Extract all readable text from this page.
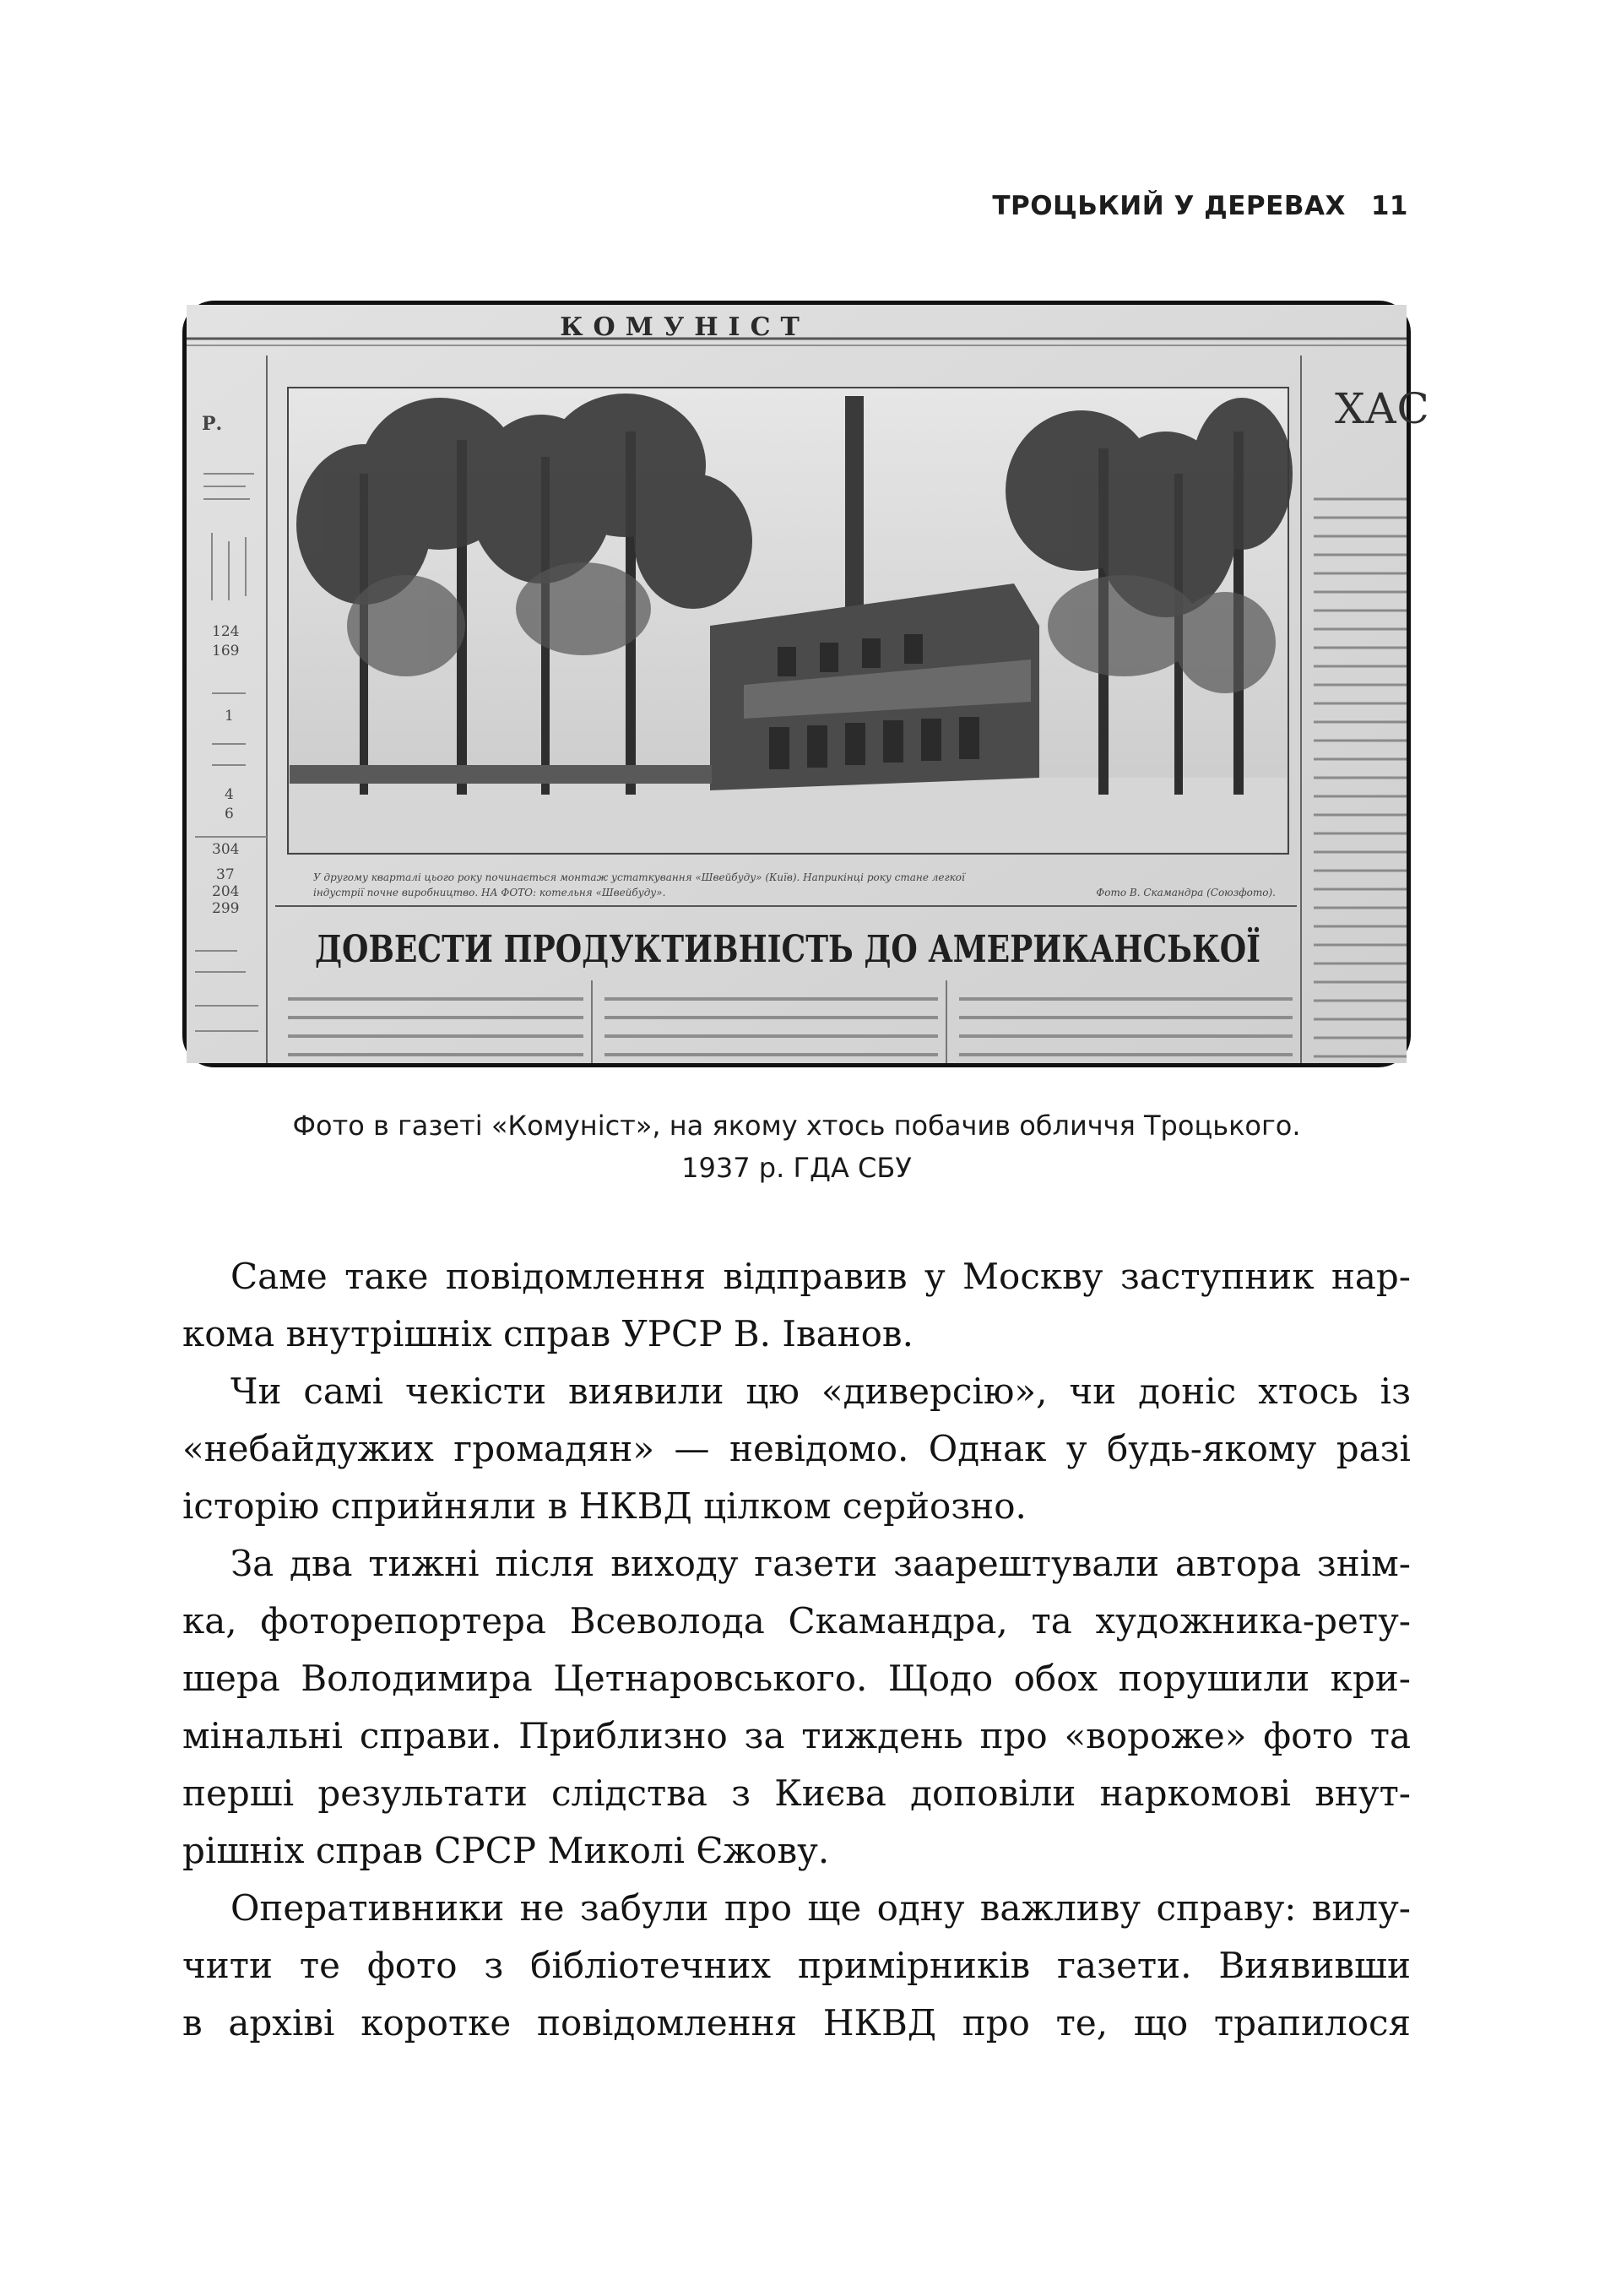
ТРОЦЬКИЙ У ДЕРЕВАХ 11
КОМУНІСТ
Р.
124
169
1
4
6
304
37
204
299
ХАС
У другому кварталі цього року починається монтаж устаткування «Швейбуду» (Київ). Наприкінці року стане легкої
індустрії почне виробництво. НА ФОТО: котельня «Швейбуду».	Фото В. Скамандра (Союзфото).
ДОВЕСТИ ПРОДУКТИВНІСТЬ ДО АМЕРИКАНСЬКОЇ
Фото в газеті «Комуніст», на якому хтось побачив обличчя Троцького.
1937 р. ГДА СБУ
Саме таке повідомлення відправив у Москву заступник нар-
кома внутрішніх справ УРСР В. Іванов.
Чи самі чекісти виявили цю «диверсію», чи доніс хтось із
«небайдужих громадян» — невідомо. Однак у будь-якому разі
історію сприйняли в НКВД цілком серйозно.
За два тижні після виходу газети заарештували автора знім-
ка, фоторепортера Всеволода Скамандра, та художника-рету-
шера Володимира Цетнаровського. Щодо обох порушили кри-
мінальні справи. Приблизно за тиждень про «вороже» фото та
перші результати слідства з Києва доповіли наркомові внут-
рішніх справ СРСР Миколі Єжову.
Оперативники не забули про ще одну важливу справу: вилу-
чити те фото з бібліотечних примірників газети. Виявивши
в архіві коротке повідомлення НКВД про те, що трапилося
